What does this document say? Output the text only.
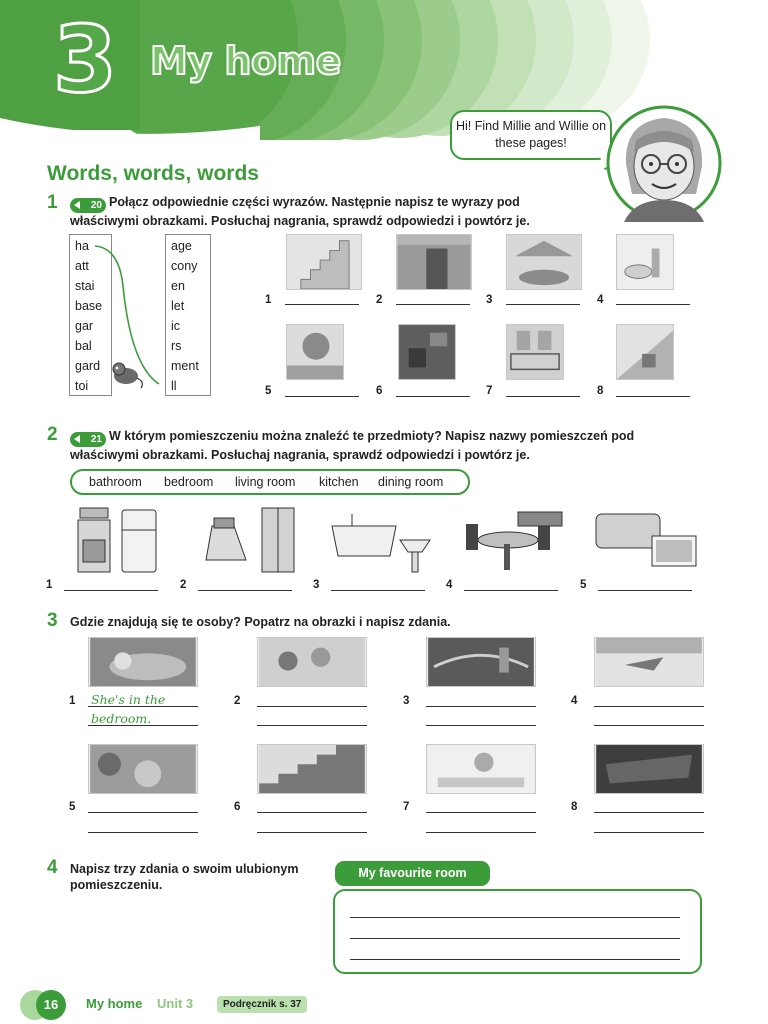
3 My home
Hi! Find Millie and Willie on these pages!
Words, words, words
1	20 Połącz odpowiednie części wyrazów. Następnie napisz te wyrazy pod
właściwymi obrazkami. Posłuchaj nagrania, sprawdź odpowiedzi i powtórz je.
ha
att
stai
base
gar
bal
gard
toi
age
cony
en
let
ic
rs
ment
ll
1	2	3	4
5	6	7	8
2	21 W którym pomieszczeniu można znaleźć te przedmioty? Napisz nazwy pomieszczeń pod
właściwymi obrazkami. Posłuchaj nagrania, sprawdź odpowiedzi i powtórz je.
bathroom bedroom living room kitchen dining room
1	2	3	4	5
3 Gdzie znajdują się te osoby? Popatrz na obrazki i napisz zdania.
1 She's in the
bedroom.
2	3	4
5	6	7	8
4 Napisz trzy zdania o swoim ulubionym
pomieszczeniu.
My favourite room
16	My home Unit 3	Podręcznik s. 37
